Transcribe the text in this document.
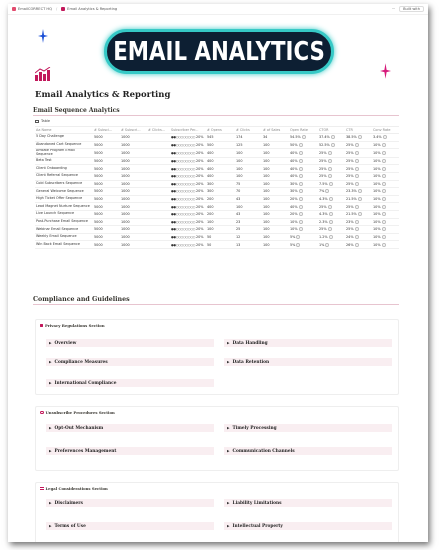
EmailCORRECT HQ /	Email Analytics & Reporting	···	Built with
EMAIL ANALYTICS
Email Analytics & Reporting
Email Sequence Analytics
Table
Aa Name	# Subsci...	# Subscri...	# Clicks...	Subscriber Per...	# Opens	# Clicks	# of Sales	Open Rate	CTOR	CTR	Conv Rate
5 Day Challenge	5000	1000		●●○○○○○○○○ 20%	545	174	34	54.5%	37.4%	38.5%	3.4%
Abandoned Cart Sequence	5000	1000		●●○○○○○○○○ 20%	500	125	100	50%	52.5%	25%	10%
Affiliate Program Email Sequence	5000	1000		●●○○○○○○○○ 20%	400	100	100	40%	25%	25%	10%
Beta Test	5000	1000		●●○○○○○○○○ 20%	400	100	100	40%	25%	25%	10%
Client Onboarding	5000	1000		●●○○○○○○○○ 20%	400	100	100	40%	25%	25%	10%
Client Referral Sequence	5000	1000		●●○○○○○○○○ 20%	400	100	100	40%	25%	25%	10%
Cold Subscribers Sequence	5000	1000		●●○○○○○○○○ 20%	300	75	100	30%	7.5%	25%	10%
General Welcome Sequence	5000	1000		●●○○○○○○○○ 20%	300	70	100	30%	7%	23.3%	10%
High Ticket Offer Sequence	5000	1000		●●○○○○○○○○ 20%	200	43	100	20%	4.3%	21.5%	10%
Lead Magnet Nurture Sequence	5000	1000		●●○○○○○○○○ 20%	400	100	100	40%	25%	25%	10%
Live Launch Sequence	5000	1000		●●○○○○○○○○ 20%	200	43	100	20%	4.3%	21.5%	10%
Post-Purchase Email Sequence	5000	1000		●●○○○○○○○○ 20%	100	23	100	10%	2.3%	23%	10%
Webinar Email Sequence	5000	1000		●●○○○○○○○○ 20%	100	25	100	10%	25%	25%	10%
Weekly Email Sequence	5000	1000		●●○○○○○○○○ 20%	50	12	100	5%	1.2%	24%	10%
Win Back Email Sequence	5000	1000		●●○○○○○○○○ 20%	50	13	100	5%	1%	26%	10%
Compliance and Guidelines
Privacy Regulations Section
▶ Overview	▶ Data Handling
▶ Compliance Measures	▶ Data Retention
▶ International Compliance
Unsubscribe Procedures Section
▶ Opt-Out Mechanism	▶ Timely Processing
▶ Preferences Management	▶ Communication Channels
Legal Considerations Section
▶ Disclaimers	▶ Liability Limitations
▶ Terms of Use	▶ Intellectual Property
